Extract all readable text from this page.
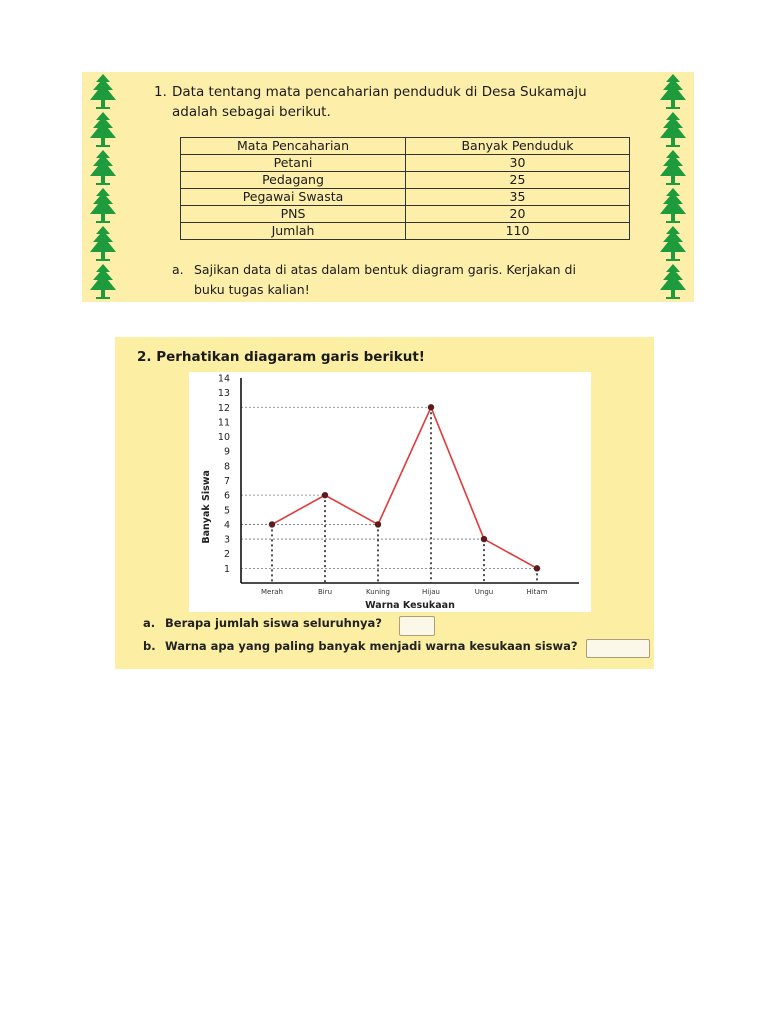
1. Data tentang mata pencaharian penduduk di Desa Sukamaju
adalah sebagai berikut.
Mata Pencaharian	Banyak Penduduk
Petani	30
Pedagang	25
Pegawai Swasta	35
PNS	20
Jumlah	110
a. Sajikan data di atas dalam bentuk diagram garis. Kerjakan di
buku tugas kalian!
2. Perhatikan diagaram garis berikut!
Banyak Siswa
1
2
3
4
5
6
7
8
9
10
11
12
13
14
Merah	Biru	Kuning	Hijau	Ungu	Hitam
Warna Kesukaan
a. Berapa jumlah siswa seluruhnya?
b. Warna apa yang paling banyak menjadi warna kesukaan siswa?
